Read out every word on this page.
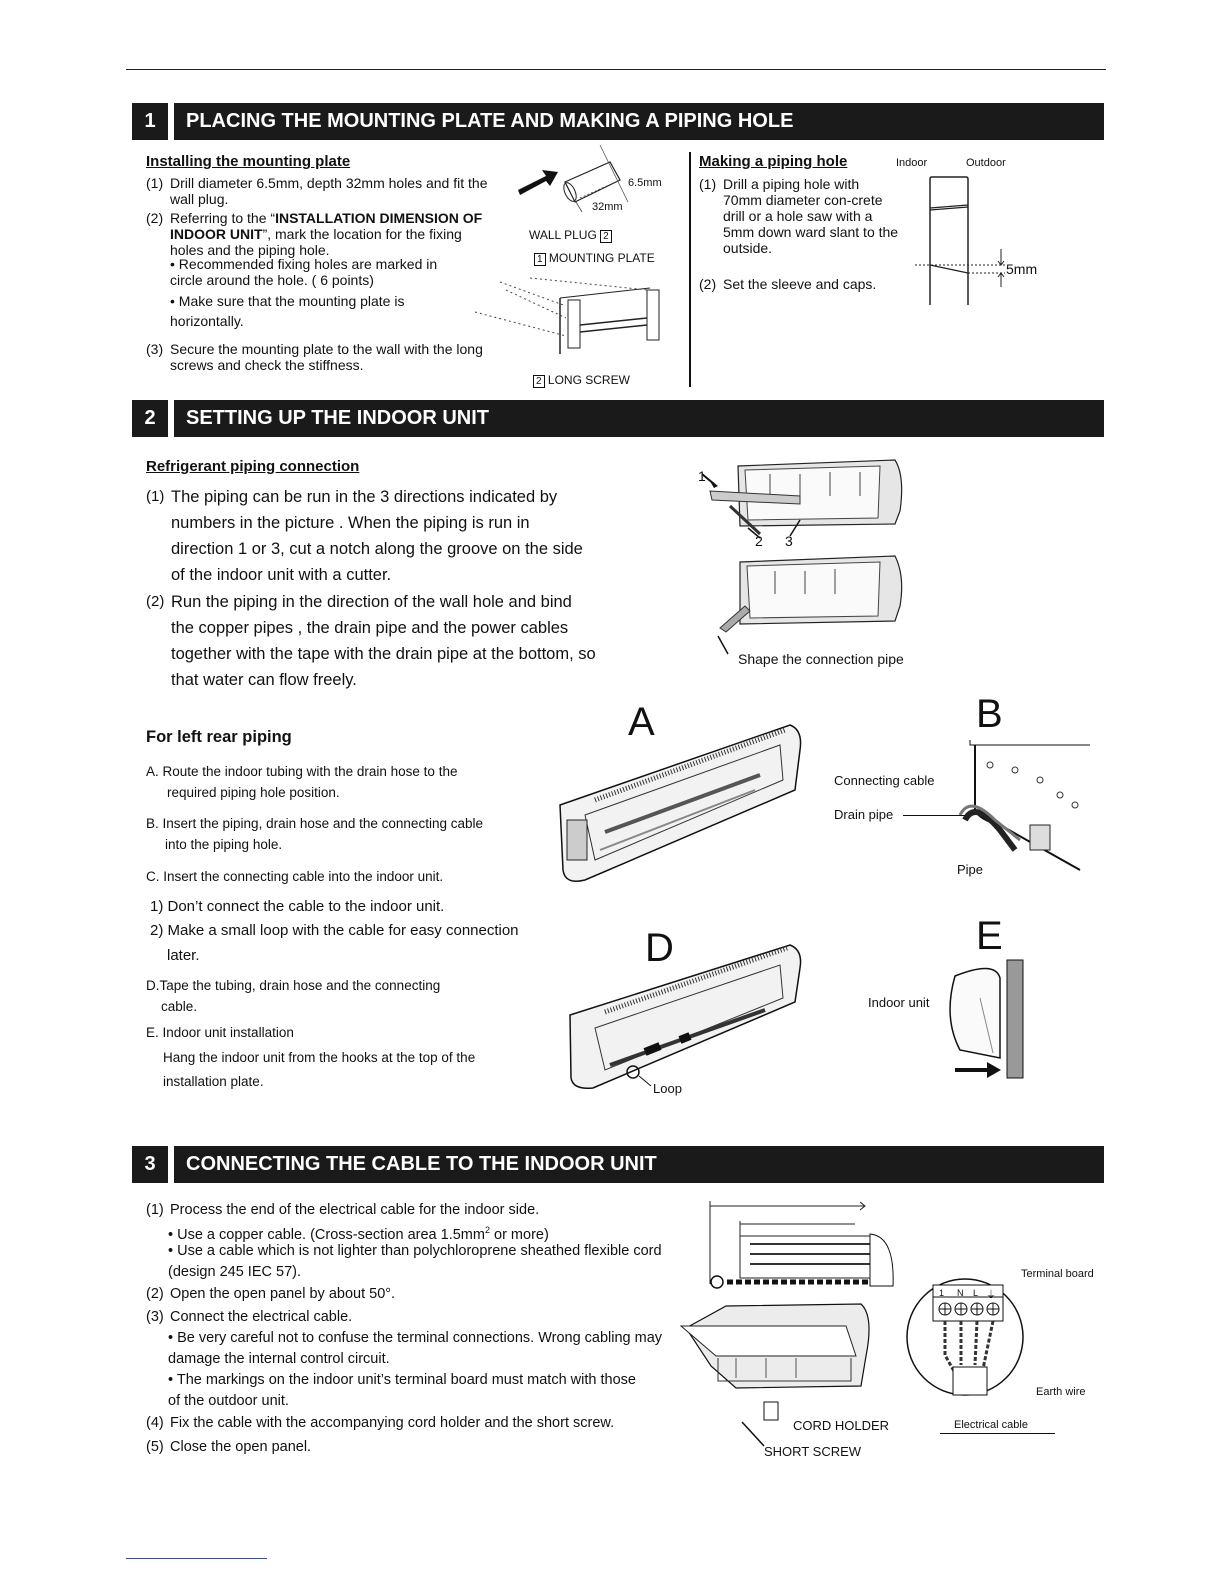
1	PLACING THE MOUNTING PLATE AND MAKING A PIPING HOLE
Installing the mounting plate
(1) Drill diameter 6.5mm, depth 32mm holes and fit the wall plug.
(2) Referring to the “INSTALLATION DIMENSION OF INDOOR UNIT”, mark the location for the fixing holes and the piping hole.
• Recommended fixing holes are marked in circle around the hole. ( 6 points)
• Make sure that the mounting plate is horizontally.
(3) Secure the mounting plate to the wall with the long screws and check the stiffness.
6.5mm
32mm
WALL PLUG 2
1 MOUNTING PLATE
2 LONG SCREW
Making a piping hole
(1) Drill a piping hole with 70mm diameter con-crete drill or a hole saw with a 5mm down ward slant to the outside.
(2) Set the sleeve and caps.
Indoor	Outdoor
5mm
2	SETTING UP THE INDOOR UNIT
Refrigerant piping connection
(1) The piping can be run in the 3 directions indicated by numbers in the picture . When the piping is run in direction 1 or 3, cut a notch along the groove on the side of the indoor unit with a cutter.
(2) Run the piping in the direction of the wall hole and bind the copper pipes , the drain pipe and the power cables together with the tape with the drain pipe at the bottom, so that water can flow freely.
1
2 3
Shape the connection pipe
For left rear piping
A. Route the indoor tubing with the drain hose to the
required piping hole position.
B. Insert the piping, drain hose and the connecting cable
into the piping hole.
C. Insert the connecting cable into the indoor unit.
1) Don’t connect the cable to the indoor unit.
2) Make a small loop with the cable for easy connection
later.
D.Tape the tubing, drain hose and the connecting
cable.
E. Indoor unit installation
Hang the indoor unit from the hooks at the top of the
installation plate.
A	B
D	E
Connecting cable
Drain pipe
Pipe
Loop
Indoor unit
3	CONNECTING THE CABLE TO THE INDOOR UNIT
(1) Process the end of the electrical cable for the indoor side.
• Use a copper cable. (Cross-section area $1.5mm^2$ or more)
• Use a cable which is not lighter than polychloroprene sheathed flexible cord (design 245 IEC 57).
(2) Open the open panel by about 50°.
(3) Connect the electrical cable.
• Be very careful not to confuse the terminal connections. Wrong cabling may damage the internal control circuit.
• The markings on the indoor unit’s terminal board must match with those of the outdoor unit.
(4) Fix the cable with the accompanying cord holder and the short screw.
(5) Close the open panel.
CORD HOLDER
SHORT SCREW
1 N L ⏚
Terminal board
Earth wire
Electrical cable
